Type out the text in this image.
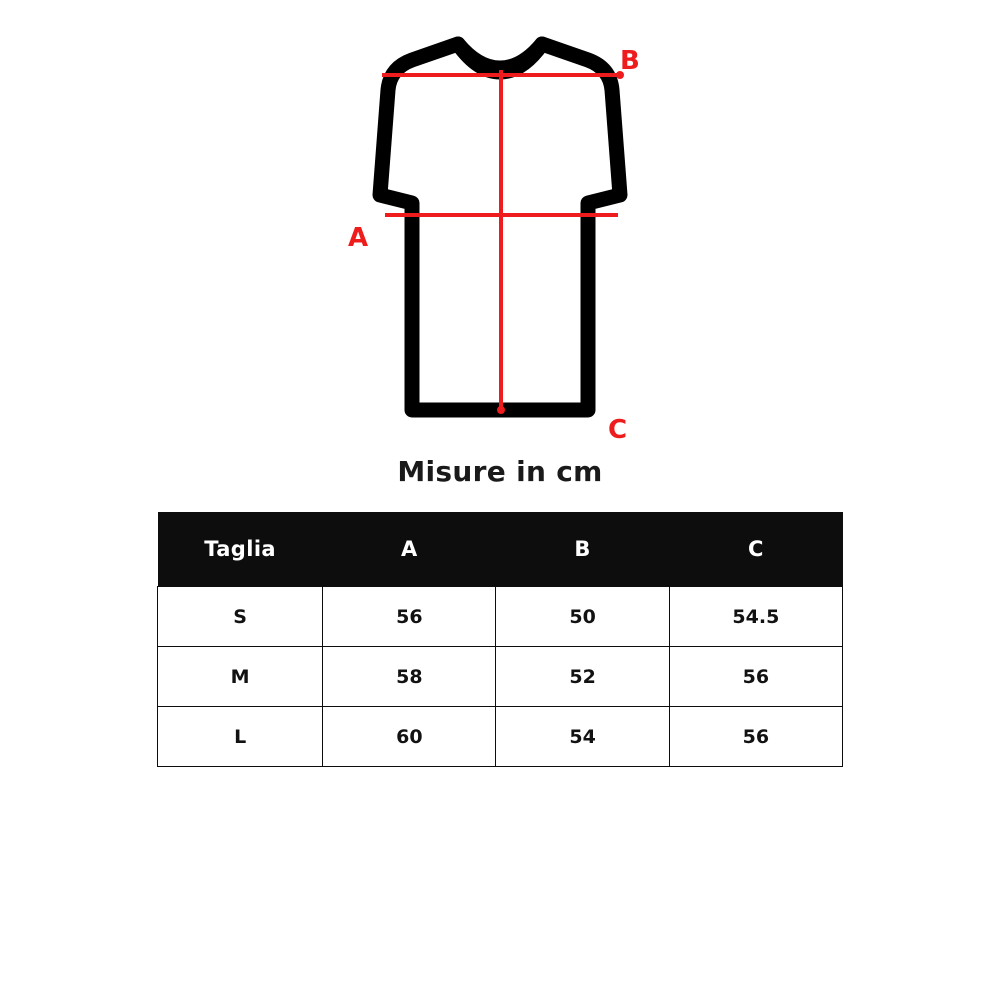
A
B
C
Misure in cm
Taglia	A	B	C
S	56	50	54.5
M	58	52	56
L	60	54	56
